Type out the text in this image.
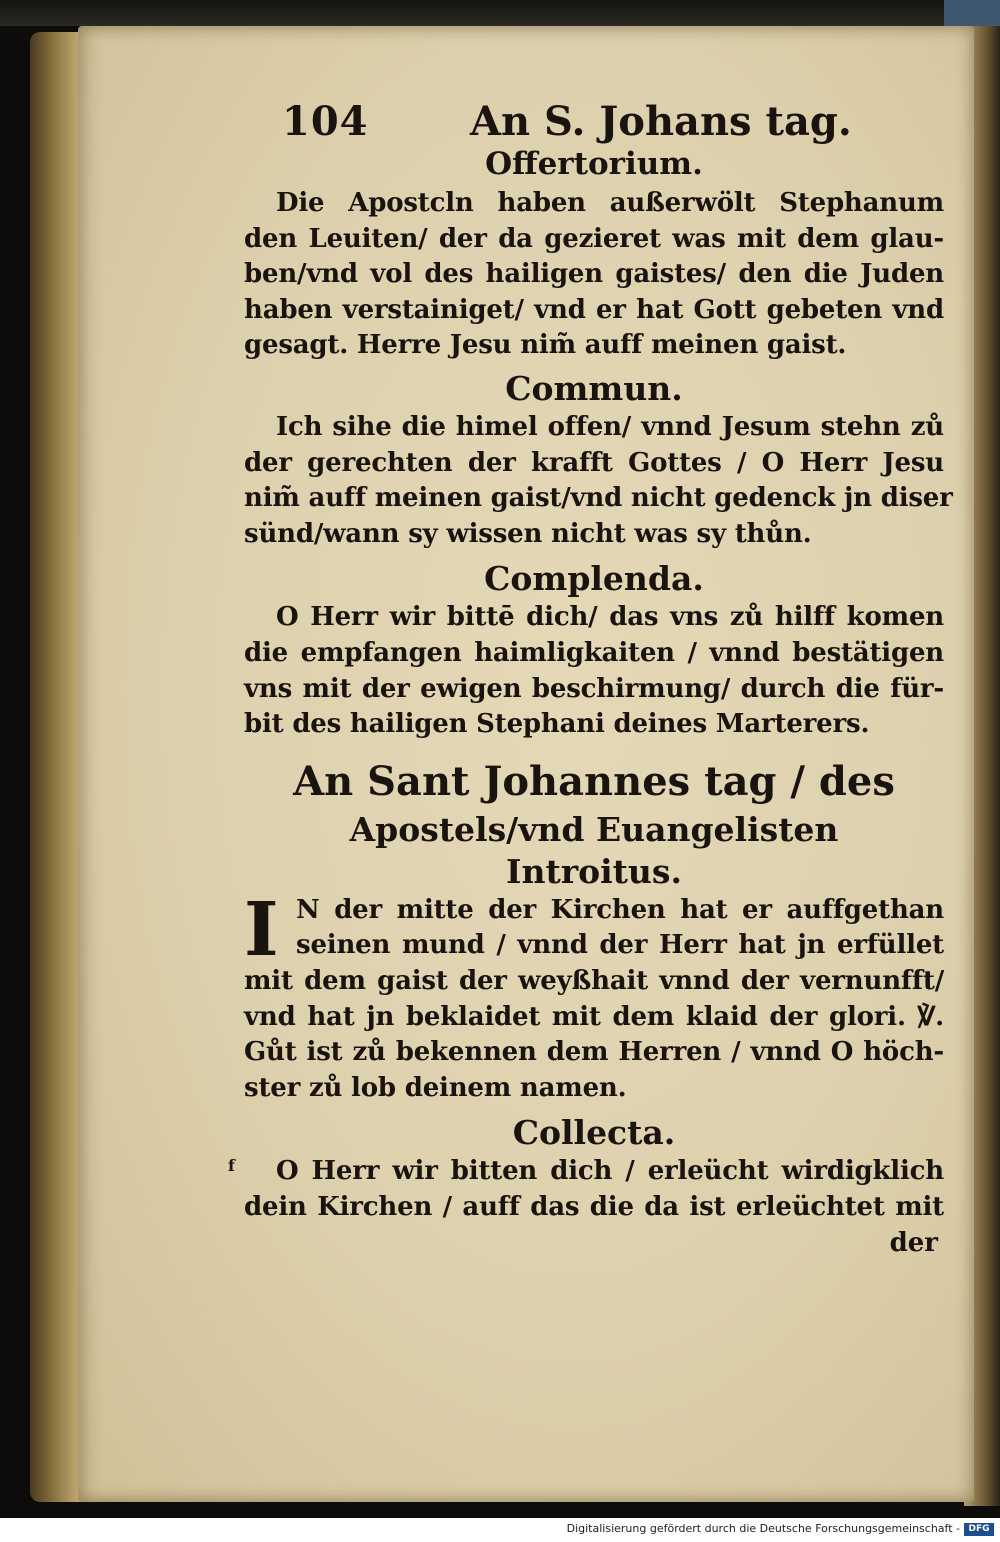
104	An S. Johans tag.

Offertorium.

Die Apostcln haben außerwölt Stephanum
den Leuiten/ der da gezieret was mit dem glau-
ben/vnd vol des hailigen gaistes/ den die Juden
haben verstainiget/ vnd er hat Gott gebeten vnd
gesagt. Herre Jesu nim̃ auff meinen gaist.

Commun.

Ich sihe die himel offen/ vnnd Jesum stehn zů
der gerechten der krafft Gottes / O Herr Jesu
nim̃ auff meinen gaist/vnd nicht gedenck jn diser
sünd/wann sy wissen nicht was sy thůn.

Complenda.

O Herr wir bittē dich/ das vns zů hilff komen
die empfangen haimligkaiten / vnnd bestätigen
vns mit der ewigen beschirmung/ durch die für-
bit des hailigen Stephani deines Marterers.

An Sant Johannes tag / des

Apostels/vnd Euangelisten

Introitus.

I N der mitte der Kirchen hat er auffgethan
seinen mund / vnnd der Herr hat jn erfüllet
mit dem gaist der weyßhait vnnd der vernunfft/
vnd hat jn beklaidet mit dem klaid der glori. ℣.
Gůt ist zů bekennen dem Herren / vnnd O höch-
ster zů lob deinem namen.

Collecta.

f	O Herr wir bitten dich / erleücht wirdigklich
dein Kirchen / auff das die da ist erleüchtet mit
der
Digitalisierung gefördert durch die Deutsche Forschungsgemeinschaft - DFG
